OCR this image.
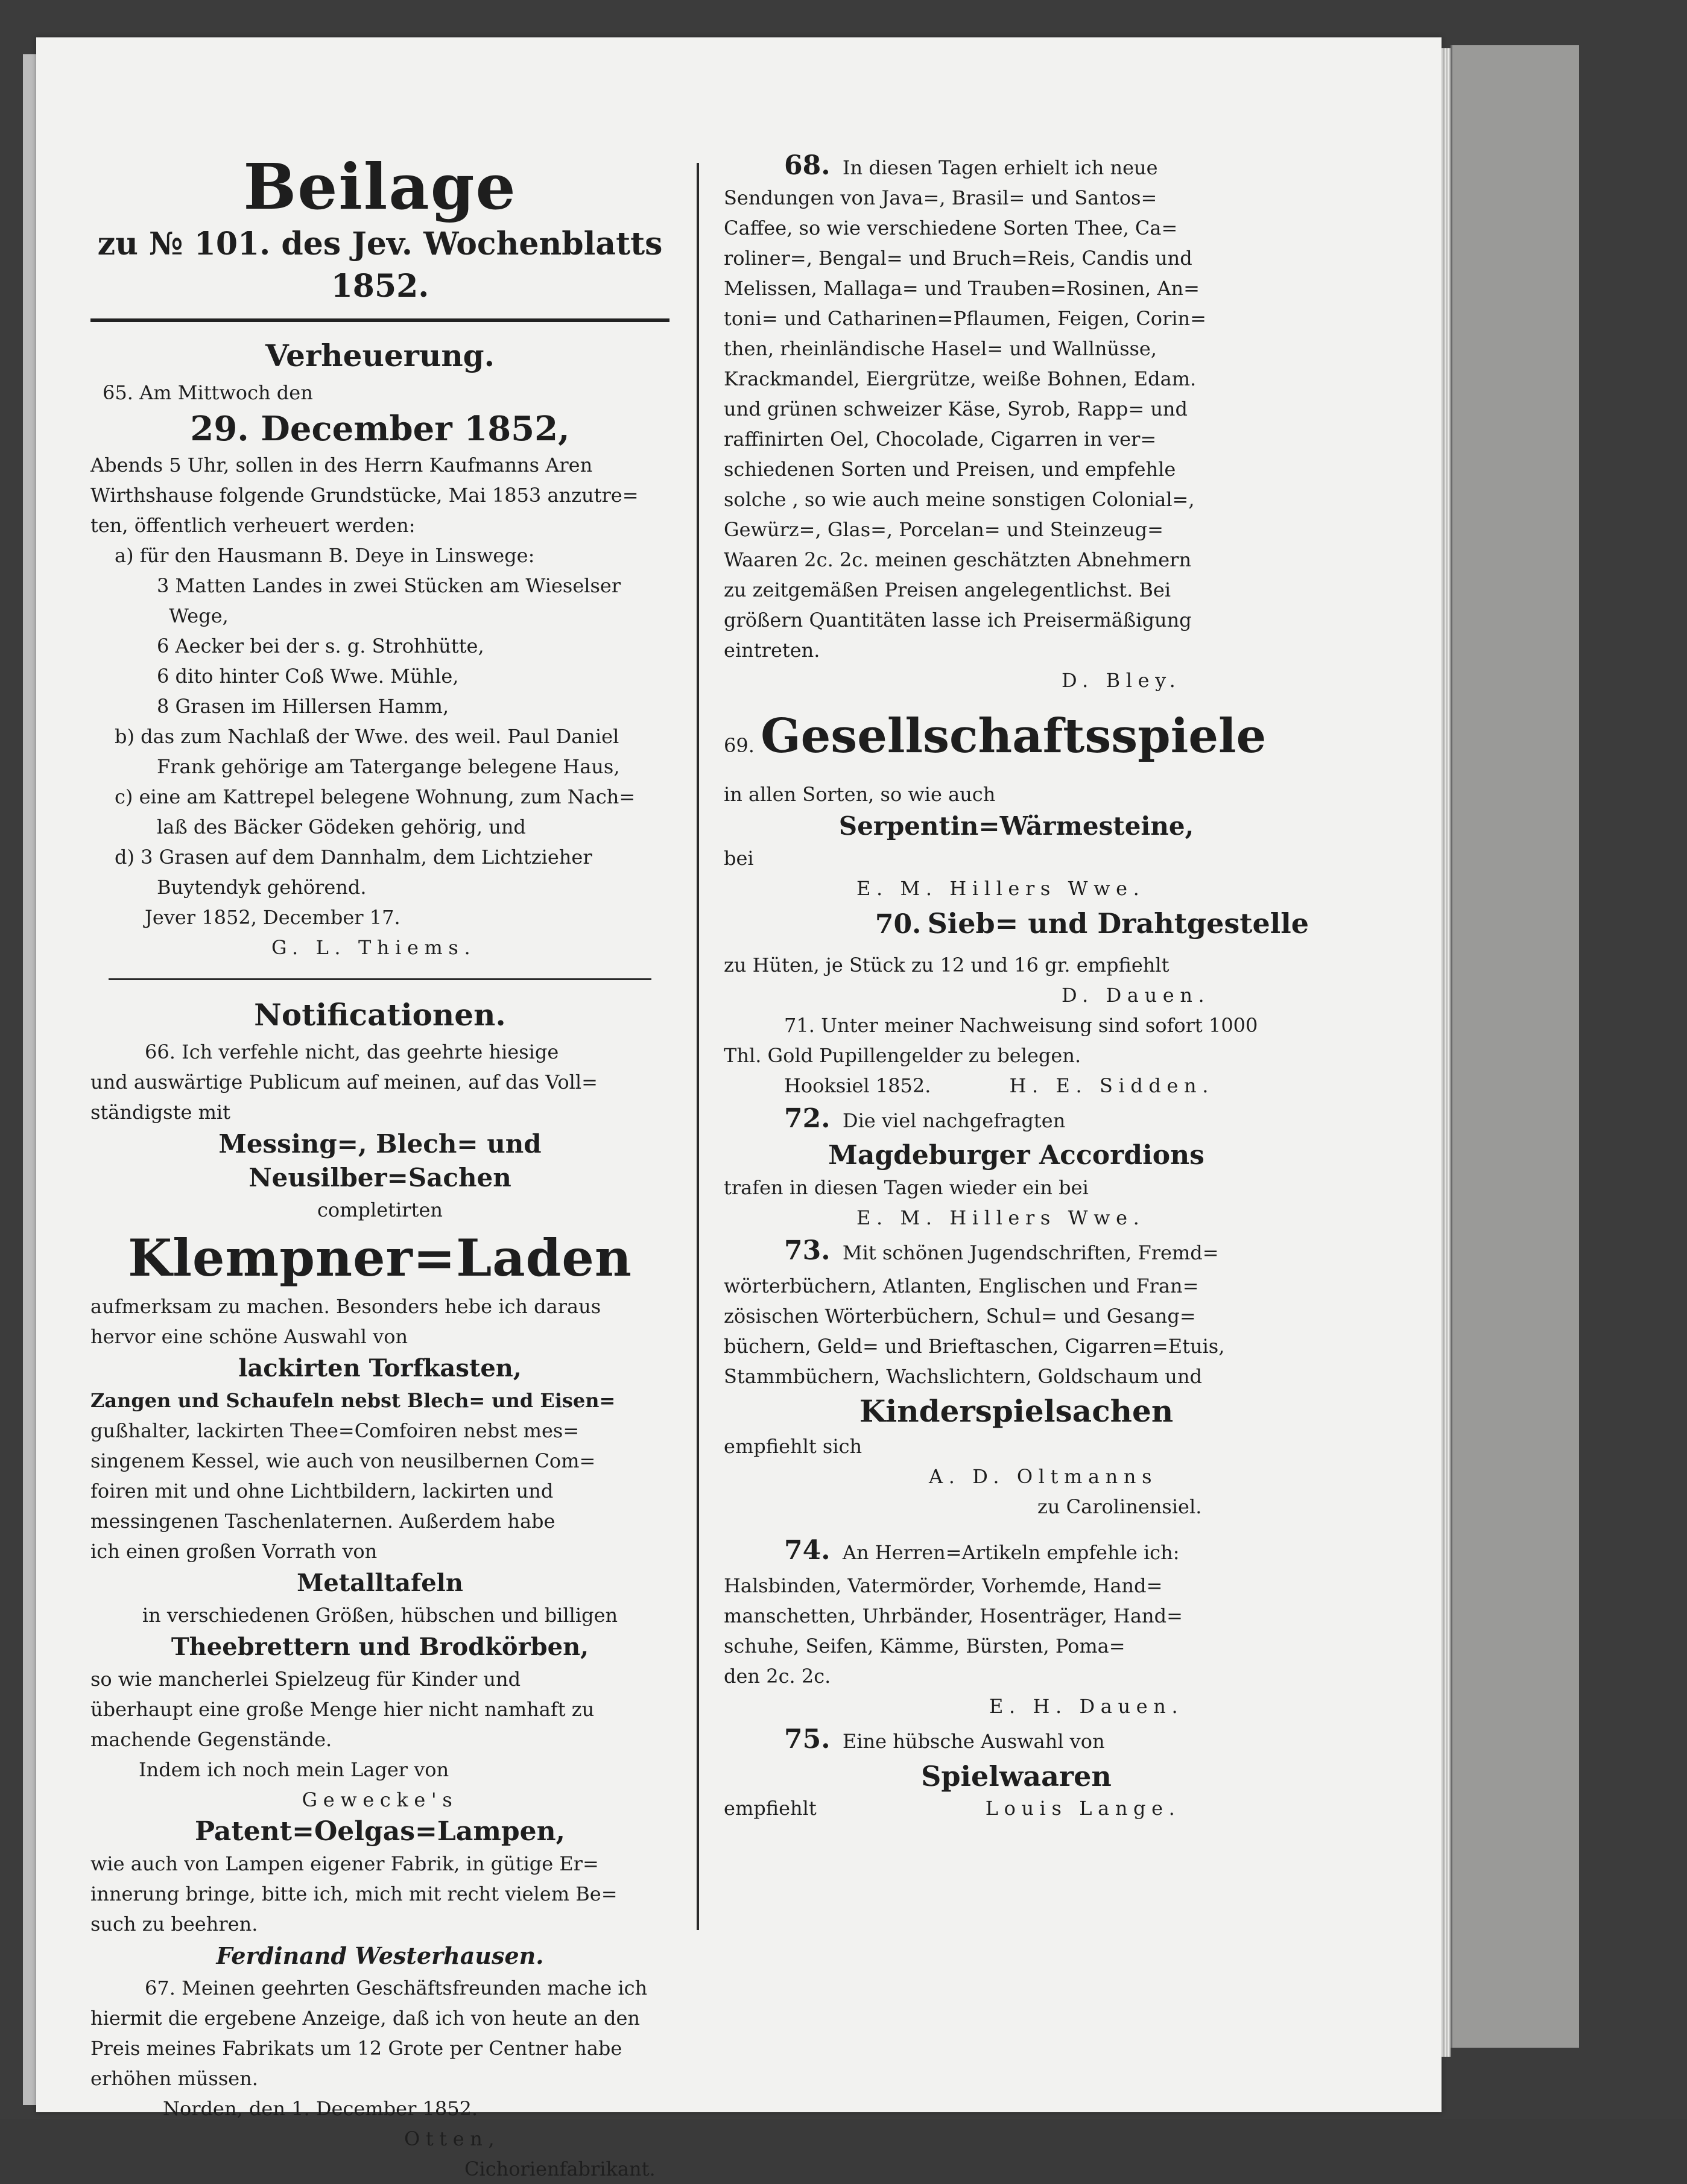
Beilage
zu № 101. des Jev. Wochenblatts 1852.
Verheuerung.

65. Am Mittwoch den

29. December 1852,

Abends 5 Uhr, sollen in des Herrn Kaufmanns Aren

Wirthshause folgende Grundstücke, Mai 1853 anzutre=

ten, öffentlich verheuert werden:

a) für den Hausmann B. Deye in Linswege:

3 Matten Landes in zwei Stücken am Wieselser

Wege,

6 Aecker bei der s. g. Strohhütte,

6 dito hinter Coß Wwe. Mühle,

8 Grasen im Hillersen Hamm,

b) das zum Nachlaß der Wwe. des weil. Paul Daniel

Frank gehörige am Tatergange belegene Haus,

c) eine am Kattrepel belegene Wohnung, zum Nach=

laß des Bäcker Gödeken gehörig, und

d) 3 Grasen auf dem Dannhalm, dem Lichtzieher

Buytendyk gehörend.

Jever 1852, December 17.

G. L. Thiems.

Notificationen.

66. Ich verfehle nicht, das geehrte hiesige

und auswärtige Publicum auf meinen, auf das Voll=

ständigste mit

Messing=, Blech= und Neusilber=Sachen

completirten

Klempner=Laden

aufmerksam zu machen. Besonders hebe ich daraus

hervor eine schöne Auswahl von

lackirten Torfkasten,

Zangen und Schaufeln nebst Blech= und Eisen=

gußhalter, lackirten Thee=Comfoiren nebst mes=

singenem Kessel, wie auch von neusilbernen Com=

foiren mit und ohne Lichtbildern, lackirten und

messingenen Taschenlaternen. Außerdem habe

ich einen großen Vorrath von

Metalltafeln

in verschiedenen Größen, hübschen und billigen

Theebrettern und Brodkörben,

so wie mancherlei Spielzeug für Kinder und

überhaupt eine große Menge hier nicht namhaft zu

machende Gegenstände.

Indem ich noch mein Lager von

Gewecke's

Patent=Oelgas=Lampen,

wie auch von Lampen eigener Fabrik, in gütige Er=

innerung bringe, bitte ich, mich mit recht vielem Be=

such zu beehren.

Ferdinand Westerhausen.

67. Meinen geehrten Geschäftsfreunden mache ich

hiermit die ergebene Anzeige, daß ich von heute an den

Preis meines Fabrikats um 12 Grote per Centner habe

erhöhen müssen.

Norden, den 1. December 1852.

Otten,

Cichorienfabrikant.

68. In diesen Tagen erhielt ich neue

Sendungen von Java=, Brasil= und Santos=

Caffee, so wie verschiedene Sorten Thee, Ca=

roliner=, Bengal= und Bruch=Reis, Candis und

Melissen, Mallaga= und Trauben=Rosinen, An=

toni= und Catharinen=Pflaumen, Feigen, Corin=

then, rheinländische Hasel= und Wallnüsse,

Krackmandel, Eiergrütze, weiße Bohnen, Edam.

und grünen schweizer Käse, Syrob, Rapp= und

raffinirten Oel, Chocolade, Cigarren in ver=

schiedenen Sorten und Preisen, und empfehle

solche , so wie auch meine sonstigen Colonial=,

Gewürz=, Glas=, Porcelan= und Steinzeug=

Waaren 2c. 2c. meinen geschätzten Abnehmern

zu zeitgemäßen Preisen angelegentlichst. Bei

größern Quantitäten lasse ich Preisermäßigung

eintreten.

D. Bley.

69. Gesellschaftsspiele

in allen Sorten, so wie auch

Serpentin=Wärmesteine,

bei

E. M. Hillers Wwe.

70. Sieb= und Drahtgestelle

zu Hüten, je Stück zu 12 und 16 gr. empfiehlt

D. Dauen.

71. Unter meiner Nachweisung sind sofort 1000

Thl. Gold Pupillengelder zu belegen.

Hooksiel 1852.	H. E. Sidden.

72. Die viel nachgefragten

Magdeburger Accordions

trafen in diesen Tagen wieder ein bei

E. M. Hillers Wwe.

73. Mit schönen Jugendschriften, Fremd=

wörterbüchern, Atlanten, Englischen und Fran=

zösischen Wörterbüchern, Schul= und Gesang=

büchern, Geld= und Brieftaschen, Cigarren=Etuis,

Stammbüchern, Wachslichtern, Goldschaum und

Kinderspielsachen

empfiehlt sich

A. D. Oltmanns

zu Carolinensiel.

74. An Herren=Artikeln empfehle ich:

Halsbinden, Vatermörder, Vorhemde, Hand=

manschetten, Uhrbänder, Hosenträger, Hand=

schuhe, Seifen, Kämme, Bürsten, Poma=

den 2c. 2c.

E. H. Dauen.

75. Eine hübsche Auswahl von

Spielwaaren

empfiehlt	Louis Lange.
